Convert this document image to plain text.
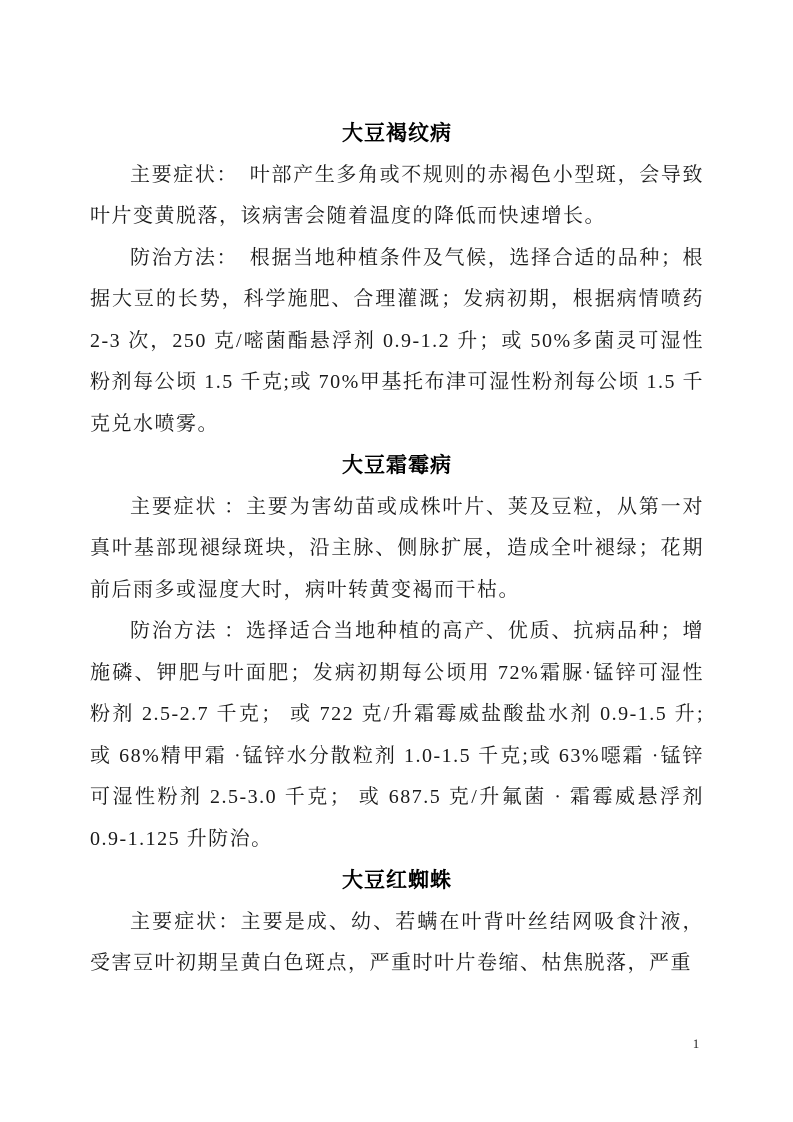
大豆褐纹病

主要症状：　叶部产生多角或不规则的赤褐色小型斑，会导致叶片变黄脱落，该病害会随着温度的降低而快速增长。

防治方法：　根据当地种植条件及气候，选择合适的品种；根据大豆的长势，科学施肥、合理灌溉；发病初期，根据病情喷药 2-3 次，250 克/嘧菌酯悬浮剂 0.9-1.2 升；或 50%多菌灵可湿性粉剂每公顷 1.5 千克;或 70%甲基托布津可湿性粉剂每公顷 1.5 千克兑水喷雾。

大豆霜霉病

主要症状 ：主要为害幼苗或成株叶片、荚及豆粒，从第一对真叶基部现褪绿斑块，沿主脉、侧脉扩展，造成全叶褪绿；花期前后雨多或湿度大时，病叶转黄变褐而干枯。

防治方法 ：选择适合当地种植的高产、优质、抗病品种；增施磷、钾肥与叶面肥；发病初期每公顷用 72%霜脲·锰锌可湿性粉剂 2.5-2.7 千克； 或 722 克/升霜霉威盐酸盐水剂 0.9-1.5 升;或 68%精甲霜 ·锰锌水分散粒剂 1.0-1.5 千克;或 63%噁霜 ·锰锌可湿性粉剂 2.5-3.0 千克； 或 687.5 克/升氟菌 · 霜霉威悬浮剂 0.9-1.125 升防治。

大豆红蜘蛛

主要症状：主要是成、幼、若螨在叶背叶丝结网吸食汁液，受害豆叶初期呈黄白色斑点，严重时叶片卷缩、枯焦脱落，严重

1
